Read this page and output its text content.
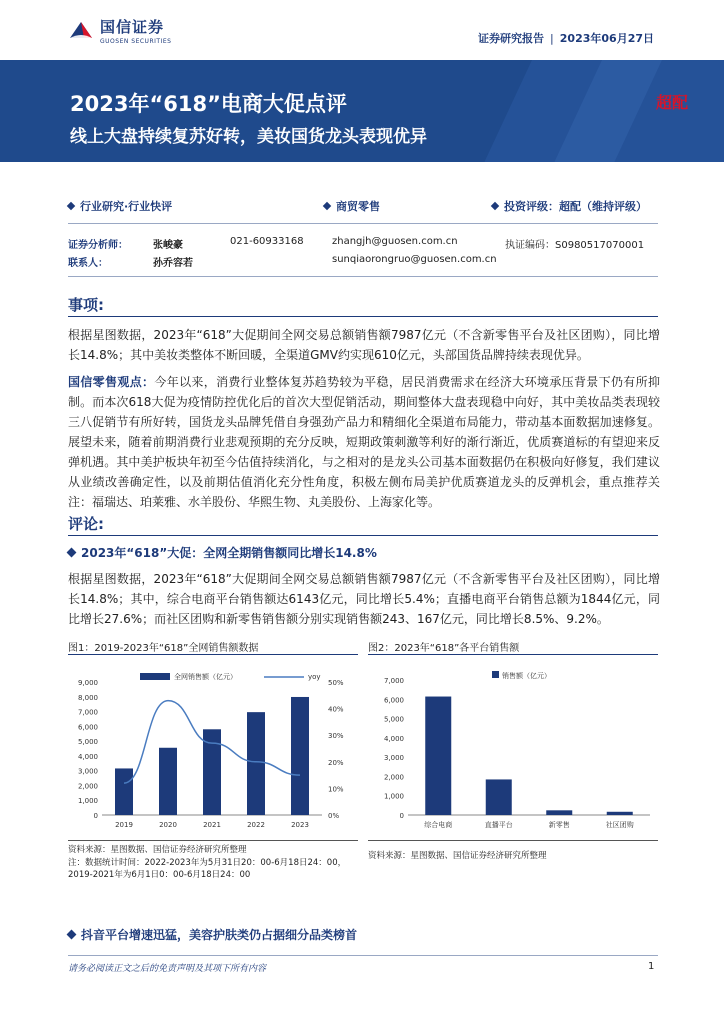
国信证券
GUOSEN SECURITIES	证券研究报告 | 2023年06月27日
2023年“618”电商大促点评
线上大盘持续复苏好转，美妆国货龙头表现优异
超配
行业研究·行业快评	商贸零售	投资评级：超配（维持评级）
证券分析师：	张峻豪	021-60933168	zhangjh@guosen.com.cn	执证编码：S0980517070001
联系人：	孙乔容若	sunqiaorongruo@guosen.com.cn
事项:
根据星图数据，2023年“618”大促期间全网交易总额销售额7987亿元（不含新零售平台及社区团购），同比增长14.8%；其中美妆类整体不断回暖，全渠道GMV约实现610亿元，头部国货品牌持续表现优异。
国信零售观点：今年以来，消费行业整体复苏趋势较为平稳，居民消费需求在经济大环境承压背景下仍有所抑制。而本次618大促为疫情防控优化后的首次大型促销活动，期间整体大盘表现稳中向好，其中美妆品类表现较三八促销节有所好转，国货龙头品牌凭借自身强劲产品力和精细化全渠道布局能力，带动基本面数据加速修复。展望未来，随着前期消费行业悲观预期的充分反映，短期政策刺激等利好的渐行渐近，优质赛道标的有望迎来反弹机遇。其中美护板块年初至今估值持续消化，与之相对的是龙头公司基本面数据仍在积极向好修复，我们建议从业绩改善确定性，以及前期估值消化充分性角度，积极左侧布局美护优质赛道龙头的反弹机会，重点推荐关注：福瑞达、珀莱雅、水羊股份、华熙生物、丸美股份、上海家化等。
评论:
2023年“618”大促：全网全期销售额同比增长14.8%
根据星图数据，2023年“618”大促期间全网交易总额销售额7987亿元（不含新零售平台及社区团购），同比增长14.8%；其中，综合电商平台销售额达6143亿元，同比增长5.4%；直播电商平台销售总额为1844亿元，同比增长27.6%；而社区团购和新零售销售额分别实现销售额243、167亿元，同比增长8.5%、9.2%。
图1：2019-2023年“618”全网销售额数据
0
1,000
2,000
3,000
4,000
5,000
6,000
7,000
8,000
9,000
0%
10%
20%
30%
40%
50%
2019	2020	2021	2022	2023
全网销售额（亿元）	yoy
资料来源：星图数据、国信证券经济研究所整理
注：数据统计时间：2022-2023年为5月31日20：00-6月18日24：00，2019-2021年为6月1日0：00-6月18日24：00
图2：2023年“618”各平台销售额
0
1,000
2,000
3,000
4,000
5,000
6,000
7,000
综合电商	直播平台	新零售	社区团购
销售额（亿元）
资料来源：星图数据、国信证券经济研究所整理
抖音平台增速迅猛，美容护肤类仍占据细分品类榜首
请务必阅读正文之后的免责声明及其项下所有内容	1
